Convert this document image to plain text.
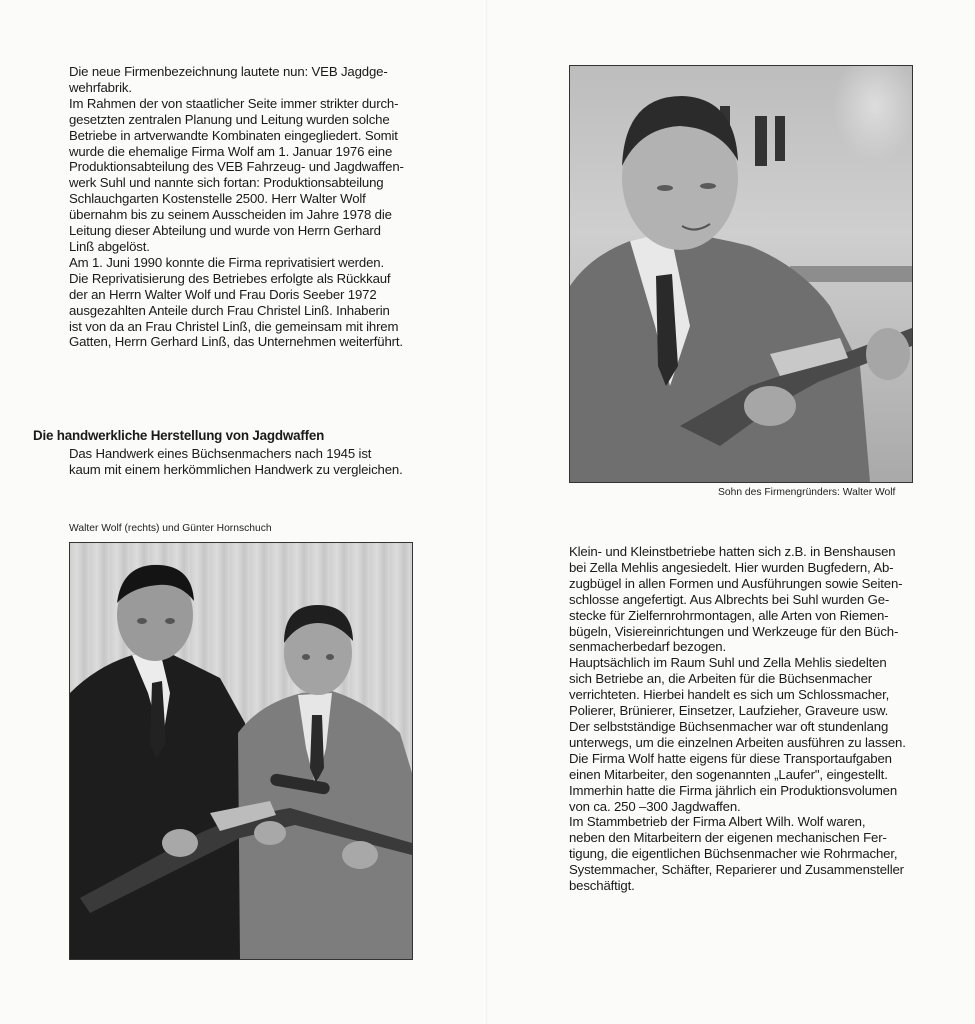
Die neue Firmenbezeichnung lautete nun: VEB Jagdge-

wehrfabrik.

Im Rahmen der von staatlicher Seite immer strikter durch-

gesetzten zentralen Planung und Leitung wurden solche

Betriebe in artverwandte Kombinaten eingegliedert. Somit

wurde die ehemalige Firma Wolf am 1. Januar 1976 eine

Produktionsabteilung des VEB Fahrzeug- und Jagdwaffen-

werk Suhl und nannte sich fortan: Produktionsabteilung

Schlauchgarten Kostenstelle 2500. Herr Walter Wolf

übernahm bis zu seinem Ausscheiden im Jahre 1978 die

Leitung dieser Abteilung und wurde von Herrn Gerhard

Linß abgelöst.

Am 1. Juni 1990 konnte die Firma reprivatisiert werden.

Die Reprivatisierung des Betriebes erfolgte als Rückkauf

der an Herrn Walter Wolf und Frau Doris Seeber 1972

ausgezahlten Anteile durch Frau Christel Linß. Inhaberin

ist von da an Frau Christel Linß, die gemeinsam mit ihrem

Gatten, Herrn Gerhard Linß, das Unternehmen weiterführt.

Die handwerkliche Herstellung von Jagdwaffen

Das Handwerk eines Büchsenmachers nach 1945 ist

kaum mit einem herkömmlichen Handwerk zu vergleichen.

Walter Wolf (rechts) und Günter Hornschuch
Sohn des Firmengründers: Walter Wolf

Klein- und Kleinstbetriebe hatten sich z.B. in Benshausen

bei Zella Mehlis angesiedelt. Hier wurden Bugfedern, Ab-

zugbügel in allen Formen und Ausführungen sowie Seiten-

schlosse angefertigt. Aus Albrechts bei Suhl wurden Ge-

stecke für Zielfernrohrmontagen, alle Arten von Riemen-

bügeln, Visiereinrichtungen und Werkzeuge für den Büch-

senmacherbedarf bezogen.

Hauptsächlich im Raum Suhl und Zella Mehlis siedelten

sich Betriebe an, die Arbeiten für die Büchsenmacher

verrichteten. Hierbei handelt es sich um Schlossmacher,

Polierer, Brünierer, Einsetzer, Laufzieher, Graveure usw.

Der selbstständige Büchsenmacher war oft stundenlang

unterwegs, um die einzelnen Arbeiten ausführen zu lassen.

Die Firma Wolf hatte eigens für diese Transportaufgaben

einen Mitarbeiter, den sogenannten „Laufer", eingestellt.

Immerhin hatte die Firma jährlich ein Produktionsvolumen

von ca. 250 –300 Jagdwaffen.

Im Stammbetrieb der Firma Albert Wilh. Wolf waren,

neben den Mitarbeitern der eigenen mechanischen Fer-

tigung, die eigentlichen Büchsenmacher wie Rohrmacher,

Systemmacher, Schäfter, Reparierer und Zusammensteller

beschäftigt.
